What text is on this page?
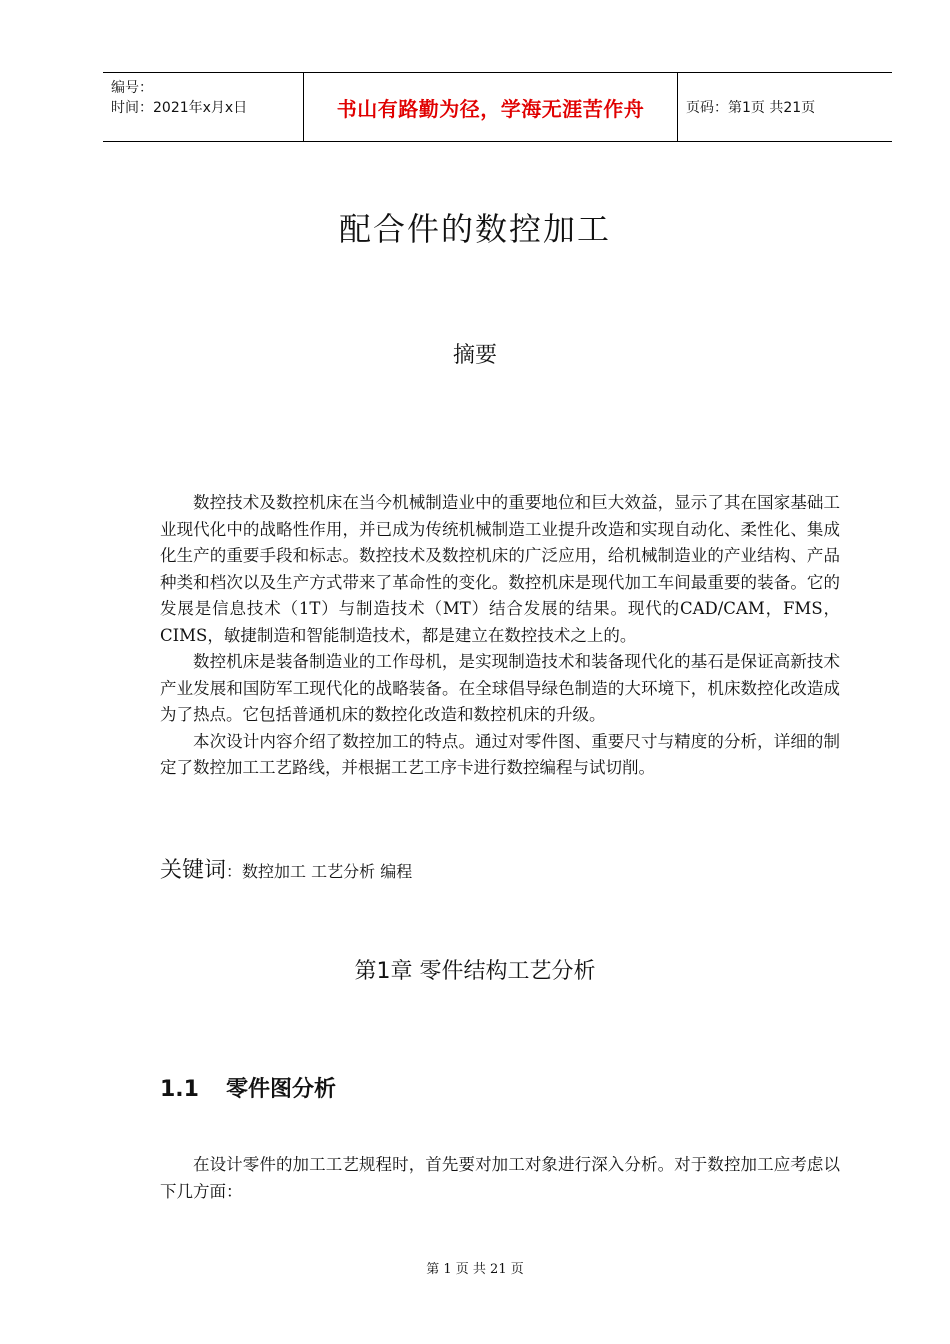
编号：
时间：2021年x月x日	书山有路勤为径，学海无涯苦作舟	页码：第1页 共21页
配合件的数控加工
摘要

数控技术及数控机床在当今机械制造业中的重要地位和巨大效益，显示了其在国家基础工业现代化中的战略性作用，并已成为传统机械制造工业提升改造和实现自动化、柔性化、集成化生产的重要手段和标志。数控技术及数控机床的广泛应用，给机械制造业的产业结构、产品种类和档次以及生产方式带来了革命性的变化。数控机床是现代加工车间最重要的装备。它的发展是信息技术（1T）与制造技术（MT）结合发展的结果。现代的CAD/CAM，FMS，CIMS，敏捷制造和智能制造技术，都是建立在数控技术之上的。

数控机床是装备制造业的工作母机，是实现制造技术和装备现代化的基石是保证高新技术产业发展和国防军工现代化的战略装备。在全球倡导绿色制造的大环境下，机床数控化改造成为了热点。它包括普通机床的数控化改造和数控机床的升级。

本次设计内容介绍了数控加工的特点。通过对零件图、重要尺寸与精度的分析，详细的制定了数控加工工艺路线，并根据工艺工序卡进行数控编程与试切削。

关键词：数控加工 工艺分析 编程
第1章 零件结构工艺分析
1.1 零件图分析

在设计零件的加工工艺规程时，首先要对加工对象进行深入分析。对于数控加工应考虑以下几方面：

第 1 页 共 21 页
